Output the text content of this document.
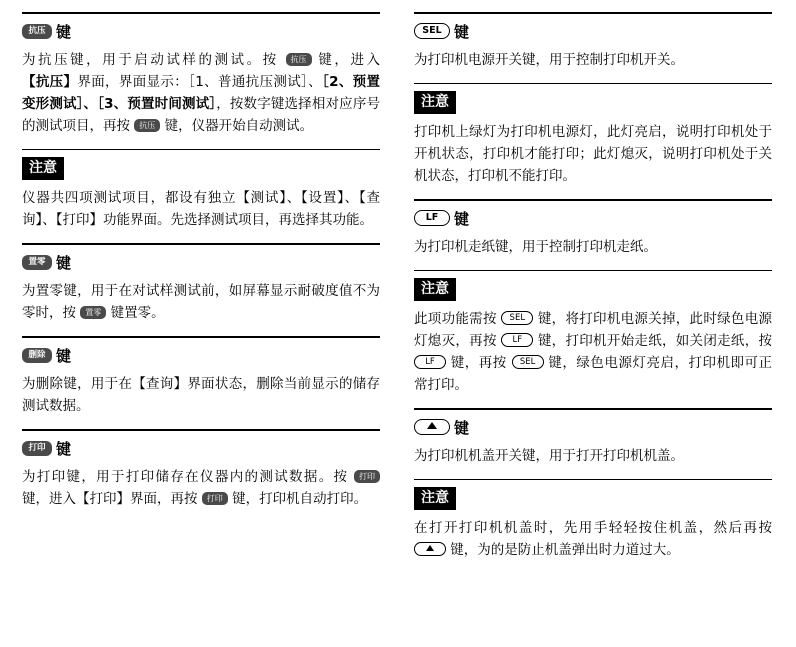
抗压 键

为抗压键，用于启动试样的测试。按 抗压 键，进入【抗压】界面，界面显示：［1、普通抗压测试］、［2、预置变形测试］、［3、预置时间测试］，按数字键选择相对应序号的测试项目，再按 抗压 键，仪器开始自动测试。

注意

仪器共四项测试项目，都设有独立【测试】、【设置】、【查询】、【打印】功能界面。先选择测试项目，再选择其功能。

置零 键

为置零键，用于在对试样测试前，如屏幕显示耐破度值不为零时，按 置零 键置零。

删除 键

为删除键，用于在【查询】界面状态，删除当前显示的储存测试数据。

打印 键

为打印键，用于打印储存在仪器内的测试数据。按 打印 键，进入【打印】界面，再按 打印 键，打印机自动打印。

SEL 键

为打印机电源开关键，用于控制打印机开关。

注意

打印机上绿灯为打印机电源灯，此灯亮启，说明打印机处于开机状态，打印机才能打印；此灯熄灭，说明打印机处于关机状态，打印机不能打印。

LF	键

为打印机走纸键，用于控制打印机走纸。

注意

此项功能需按 SEL 键，将打印机电源关掉，此时绿色电源灯熄灭，再按 LF 键，打印机开始走纸，如关闭走纸，按 LF 键，再按 SEL 键，绿色电源灯亮启，打印机即可正常打印。

键

为打印机机盖开关键，用于打开打印机机盖。

注意

在打开打印机机盖时，先用手轻轻按住机盖，然后再按  键，为的是防止机盖弹出时力道过大。
